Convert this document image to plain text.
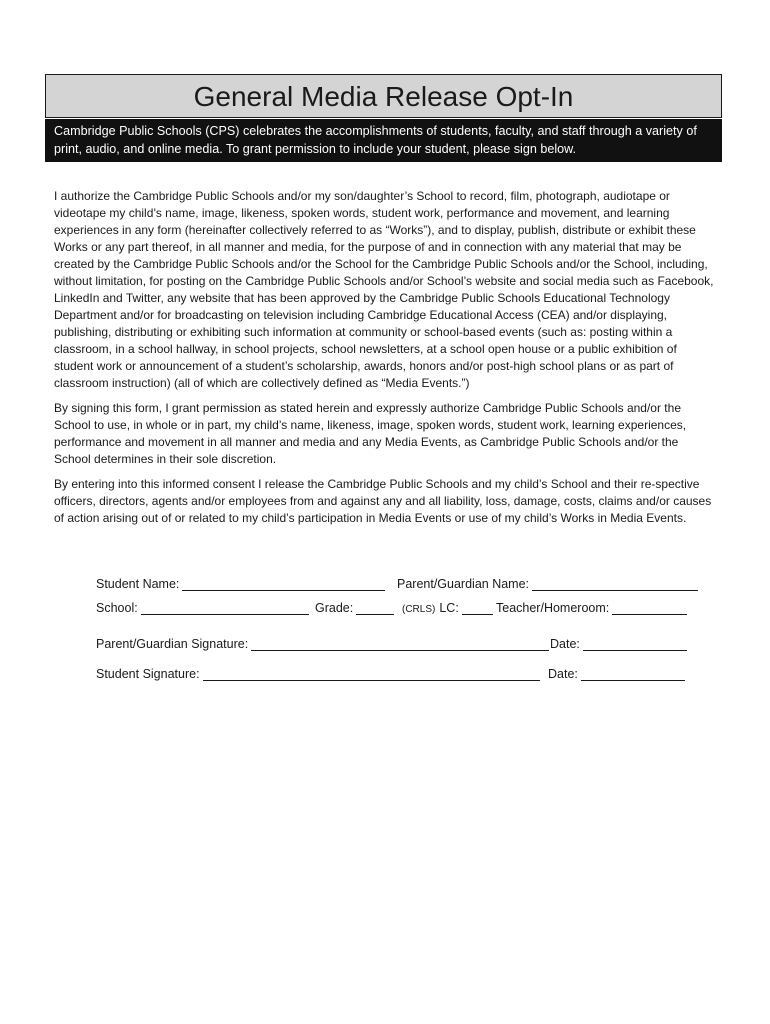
General Media Release Opt-In
Cambridge Public Schools (CPS) celebrates the accomplishments of students, faculty, and staff through a variety of print, audio, and online media. To grant permission to include your student, please sign below.

I authorize the Cambridge Public Schools and/or my son/daughter’s School to record, film, photograph, audiotape or videotape my child’s name, image, likeness, spoken words, student work, performance and movement, and learning experiences in any form (hereinafter collectively referred to as “Works”), and to display, publish, distribute or exhibit these Works or any part thereof, in all manner and media, for the purpose of and in connection with any material that may be created by the Cambridge Public Schools and/or the School for the Cambridge Public Schools and/or the School, including, without limitation, for posting on the Cambridge Public Schools and/or School’s website and social media such as Facebook, LinkedIn and Twitter, any website that has been approved by the Cambridge Public Schools Educational Technology Department and/or for broadcasting on television including Cambridge Educational Access (CEA) and/or displaying, publishing, distributing or exhibiting such information at community or school-based events (such as: posting within a classroom, in a school hallway, in school projects, school newsletters, at a school open house or a public exhibition of student work or announcement of a student’s scholarship, awards, honors and/or post-high school plans or as part of classroom instruction) (all of which are collectively defined as “Media Events.”)

By signing this form, I grant permission as stated herein and expressly authorize Cambridge Public Schools and/or the School to use, in whole or in part, my child’s name, likeness, image, spoken words, student work, learning experiences, performance and movement in all manner and media and any Media Events, as Cambridge Public Schools and/or the School determines in their sole discretion.

By entering into this informed consent I release the Cambridge Public Schools and my child’s School and their re-spective officers, directors, agents and/or employees from and against any and all liability, loss, damage, costs, claims and/or causes of action arising out of or related to my child’s participation in Media Events or use of my child’s Works in Media Events.

Student Name:	Parent/Guardian Name:
School:	Grade:	(CRLS) LC:	Teacher/Homeroom:
Parent/Guardian Signature:	Date:
Student Signature:	Date:
